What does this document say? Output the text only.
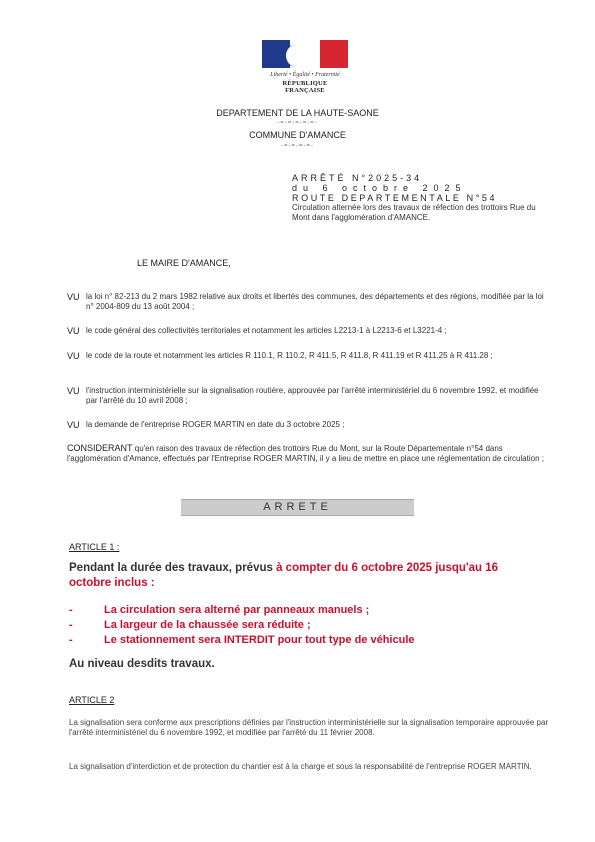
Liberté • Égalité • Fraternité
RÉPUBLIQUE FRANÇAISE
DEPARTEMENT DE LA HAUTE-SAONE
-=-=-=-=-=-
COMMUNE D'AMANCE
-=-=-=-=-
ARRÊTÉ N°2025-34
du 6 octobre 2025
ROUTE DEPARTEMENTALE N°54
Circulation alternée lors des travaux de réfection des trottoirs Rue du Mont dans l'agglomération d'AMANCE.
LE MAIRE D'AMANCE,
VU la loi n° 82-213 du 2 mars 1982 relative aux droits et libertés des communes, des départements et des régions, modifiée par la loi n° 2004-809 du 13 août 2004 ;
VU le code général des collectivités territoriales et notamment les articles L2213-1 à L2213-6 et L3221-4 ;
VU le code de la route et notamment les articles R 110.1, R 110.2, R 411.5, R 411.8, R 411.19 et R 411.25 à R 411.28 ;
VU l'instruction interministérielle sur la signalisation routière, approuvée par l'arrêté interministériel du 6 novembre 1992, et modifiée par l'arrêté du 10 avril 2008 ;
VU la demande de l'entreprise ROGER MARTIN en date du 3 octobre 2025 ;
CONSIDERANT qu'en raison des travaux de réfection des trottoirs Rue du Mont, sur la Route Départementale n°54 dans l'agglomération d'Amance, effectués par l'Entreprise ROGER MARTIN, il y a lieu de mettre en place une réglementation de circulation ;
ARRETE
ARTICLE 1 :
Pendant la durée des travaux, prévus à compter du 6 octobre 2025 jusqu'au 16 octobre inclus :
-	La circulation sera alterné par panneaux manuels ;
-	La largeur de la chaussée sera réduite ;
-	Le stationnement sera INTERDIT pour tout type de véhicule
Au niveau desdits travaux.
ARTICLE 2
La signalisation sera conforme aux prescriptions définies par l'instruction interministérielle sur la signalisation temporaire approuvée par l'arrêté interministériel du 6 novembre 1992, et modifiée par l'arrêté du 11 février 2008.
La signalisation d'interdiction et de protection du chantier est à la charge et sous la responsabilité de l'entreprise ROGER MARTIN.
